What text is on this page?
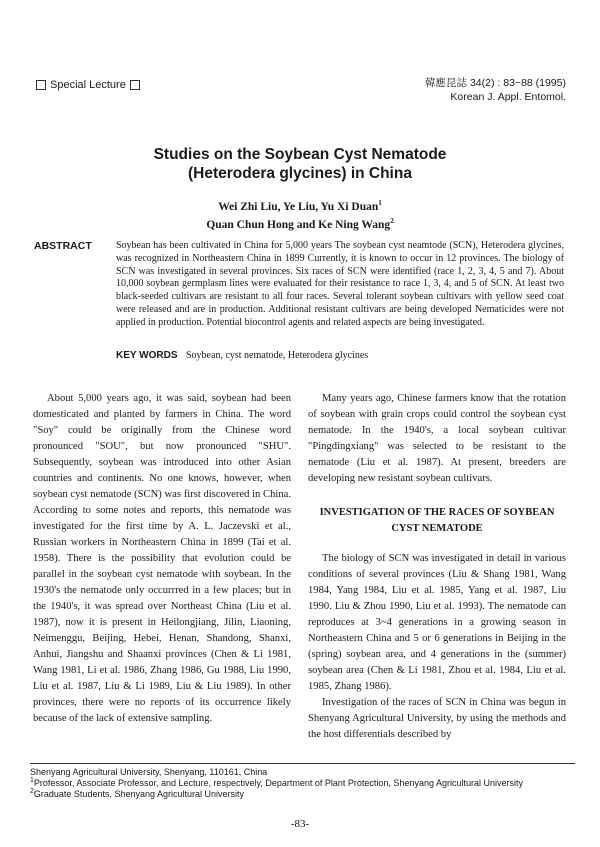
Special Lecture	韓應昆誌 34(2) : 83~88 (1995)
Korean J. Appl. Entomol.
Studies on the Soybean Cyst Nematode
(Heterodera glycines) in China
Wei Zhi Liu, Ye Liu, Yu Xi Duan$^1$
Quan Chun Hong and Ke Ning Wang$^2$
ABSTRACT Soybean has been cultivated in China for 5,000 years The soybean cyst neamtode (SCN), Heterodera glycines, was recognized in Northeastern China in 1899 Currently, it is known to occur in 12 provinces. The biology of SCN was investigated in several provinces. Six races of SCN were identified (race 1, 2, 3, 4, 5 and 7). About 10,000 soybean germplasm lines were evaluated for their resistance to race 1, 3, 4, and 5 of SCN. At least two black-seeded cultivars are resistant to all four races. Several tolerant soybean cultivars with yellow seed coat were released and are in production. Additional resistant cultivars are being developed Nematicides were not applied in production. Potential biocontrol agents and related aspects are being investigated.
KEY WORDS Soybean, cyst nematode, Heterodera glycines

About 5,000 years ago, it was said, soybean had been domesticated and planted by farmers in China. The word "Soy" could be originally from the Chinese word pronounced "SOU", but now pronounced "SHU". Subsequently, soybean was introduced into other Asian countries and continents. No one knows, however, when soybean cyst nematode (SCN) was first discovered in China. According to some notes and reports, this nematode was investigated for the first time by A. L. Jaczevski et al., Russian workers in Northeastern China in 1899 (Tai et al. 1958). There is the possibility that evolution could be parallel in the soybean cyst nematode with soybean. In the 1930's the nematode only occurrred in a few places; but in the 1940's, it was spread over Northeast China (Liu et al. 1987), now it is present in Heilongjiang, Jilin, Liaoning, Neimenggu, Beijing, Hebei, Henan, Shandong, Shanxi, Anhui, Jiangshu and Shaanxi provinces (Chen & Li 1981, Wang 1981, Li et al. 1986, Zhang 1986, Gu 1988, Liu 1990, Liu et al. 1987, Liu & Li 1989, Liu & Liu 1989). In other provinces, there were no reports of its occurrence likely because of the lack of extensive sampling.

Many years ago, Chinese farmers know that the rotation of soybean with grain crops could control the soybean cyst nematode. In the 1940's, a local soybean cultivar "Pingdingxiang" was selected to be resistant to the nematode (Liu et al. 1987). At present, breeders are developing new resistant soybean cultivars.

INVESTIGATION OF THE RACES OF SOYBEAN CYST NEMATODE

The biology of SCN was investigated in detail in various conditions of several provinces (Liu & Shang 1981, Wang 1984, Yang 1984, Liu et al. 1985, Yang et al. 1987, Liu 1990. Liu & Zhou 1990, Liu et al. 1993). The nematode can reproduces at 3~4 generations in a growing season in Northeastern China and 5 or 6 generations in Beijing in the (spring) soybean area, and 4 generations in the (summer) soybean area (Chen & Li 1981, Zhou et al. 1984, Liu et al. 1985, Zhang 1986).

Investigation of the races of SCN in China was begun in Shenyang Agricultural University, by using the methods and the host differentials described by

Shenyang Agricultural University, Shenyang, 110161, China
$^1$Professor, Associate Professor, and Lecture, respectively, Department of Plant Protection, Shenyang Agricultural University
$^2$Graduate Students, Shenyang Agricultural University
-83-
